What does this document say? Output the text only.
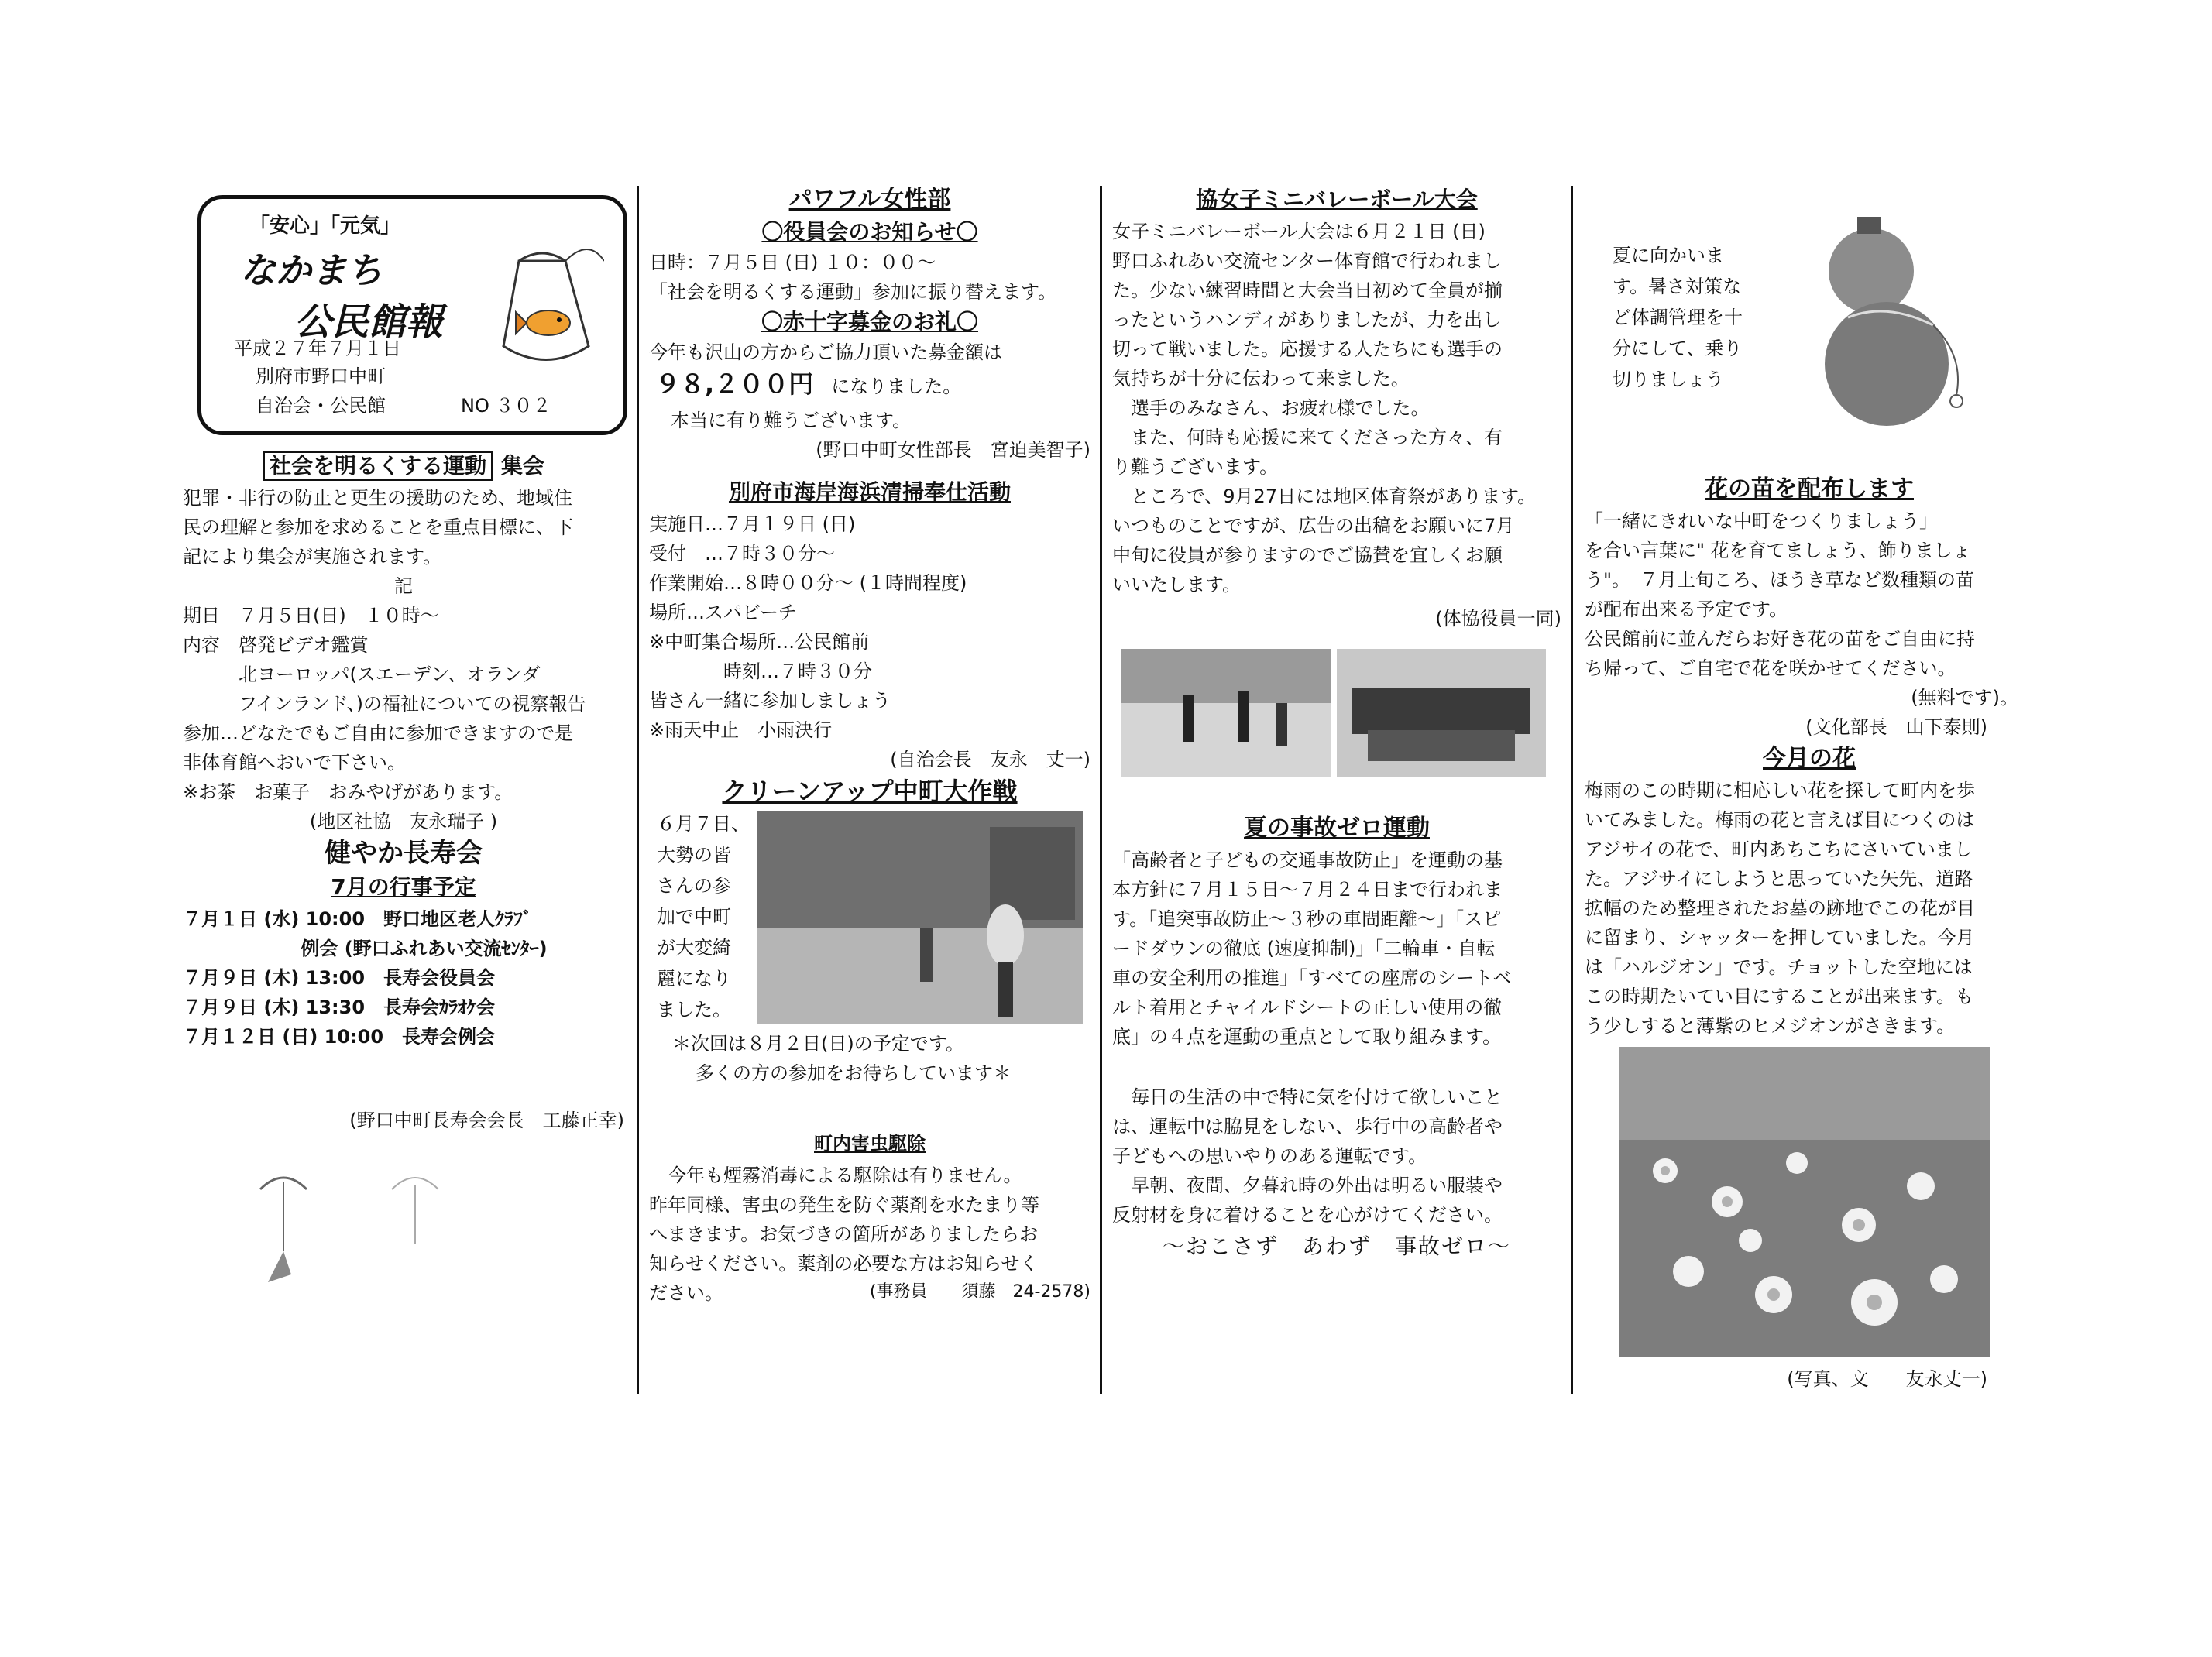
「安心」「元気」
なかまち
公民館報
平成２７年７月１日
別府市野口中町
自治会・公民館	NO ３０２
社会を明るくする運動 集会
犯罪・非行の防止と更生の援助のため、地域住
民の理解と参加を求めることを重点目標に、下
記により集会が実施されます。
記
期日　７月５日(日)　１０時～
内容　啓発ビデオ鑑賞
　　　北ヨーロッパ(スエーデン、オランダ
　　　フインランド、)の福祉についての視察報告
参加…どなたでもご自由に参加できますので是
非体育館へおいで下さい。
※お茶　お菓子　おみやげがあります。
(地区社協　友永瑞子 )
健やか長寿会
7月の行事予定
７月１日 (水) 10:00　野口地区老人ｸﾗﾌﾞ
　　　　　　 例会 (野口ふれあい交流ｾﾝﾀｰ)
７月９日 (木) 13:00　長寿会役員会
７月９日 (木) 13:30　長寿会ｶﾗｵｹ会
７月１２日 (日) 10:00　長寿会例会
(野口中町長寿会会長　工藤正幸)
パワフル女性部
〇役員会のお知らせ〇
日時：７月５日 (日) １０：００～
「社会を明るくする運動」参加に振り替えます。
〇赤十字募金のお礼〇
今年も沢山の方からご協力頂いた募金額は
９８,２００円 になりました。
本当に有り難うございます。
(野口中町女性部長　宮迫美智子)
別府市海岸海浜清掃奉仕活動
実施日…７月１９日 (日)
受付　…７時３０分～
作業開始…８時００分～ (１時間程度)
場所…スパビーチ
※中町集合場所…公民館前
　　　　時刻…７時３０分
皆さん一緒に参加しましょう
※雨天中止　小雨決行
(自治会長　友永　丈一)
クリーンアップ中町大作戦
６月７日、
大勢の皆
さんの参
加で中町
が大変綺
麗になり
ました。
＊次回は８月２日(日)の予定です。
多くの方の参加をお待ちしています＊
町内害虫駆除
　今年も煙霧消毒による駆除は有りません。
昨年同様、害虫の発生を防ぐ薬剤を水たまり等
へまきます。お気づきの箇所がありましたらお
知らせください。薬剤の必要な方はお知らせく
ださい。	(事務員　　須藤　24-2578)
協女子ミニバレーボール大会
女子ミニバレーボール大会は６月２１日 (日)
野口ふれあい交流センター体育館で行われまし
た。少ない練習時間と大会当日初めて全員が揃
ったというハンディがありましたが、力を出し
切って戦いました。応援する人たちにも選手の
気持ちが十分に伝わって来ました。
　選手のみなさん、お疲れ様でした。
　また、何時も応援に来てくださった方々、有
り難うございます。
　ところで、9月27日には地区体育祭があります。
いつものことですが、広告の出稿をお願いに7月
中旬に役員が参りますのでご協賛を宜しくお願
いいたします。
(体協役員一同)
夏の事故ゼロ運動
「高齢者と子どもの交通事故防止」を運動の基
本方針に７月１５日～７月２４日まで行われま
す。「追突事故防止～３秒の車間距離～」「スピ
ードダウンの徹底 (速度抑制)」「二輪車・自転
車の安全利用の推進」「すべての座席のシートベ
ルト着用とチャイルドシートの正しい使用の徹
底」の４点を運動の重点として取り組みます。
　毎日の生活の中で特に気を付けて欲しいこと
は、運転中は脇見をしない、歩行中の高齢者や
子どもへの思いやりのある運転です。
　早朝、夜間、夕暮れ時の外出は明るい服装や
反射材を身に着けることを心がけてください。
～おこさず　あわず　事故ゼロ～
夏に向かいま
す。暑さ対策な
ど体調管理を十
分にして、乗り
切りましょう
花の苗を配布します
「一緒にきれいな中町をつくりましょう」
を合い言葉に" 花を育てましょう、飾りましょ
う"。　７月上旬ころ、ほうき草など数種類の苗
が配布出来る予定です。
公民館前に並んだらお好き花の苗をご自由に持
ち帰って、ご自宅で花を咲かせてください。
(無料です)。
(文化部長　山下泰則)
今月の花
梅雨のこの時期に相応しい花を探して町内を歩
いてみました。梅雨の花と言えば目につくのは
アジサイの花で、町内あちこちにさいていまし
た。アジサイにしようと思っていた矢先、道路
拡幅のため整理されたお墓の跡地でこの花が目
に留まり、シャッターを押していました。今月
は「ハルジオン」です。チョットした空地には
この時期たいてい目にすることが出来ます。も
う少しすると薄紫のヒメジオンがさきます。
(写真、文　　友永丈一)
